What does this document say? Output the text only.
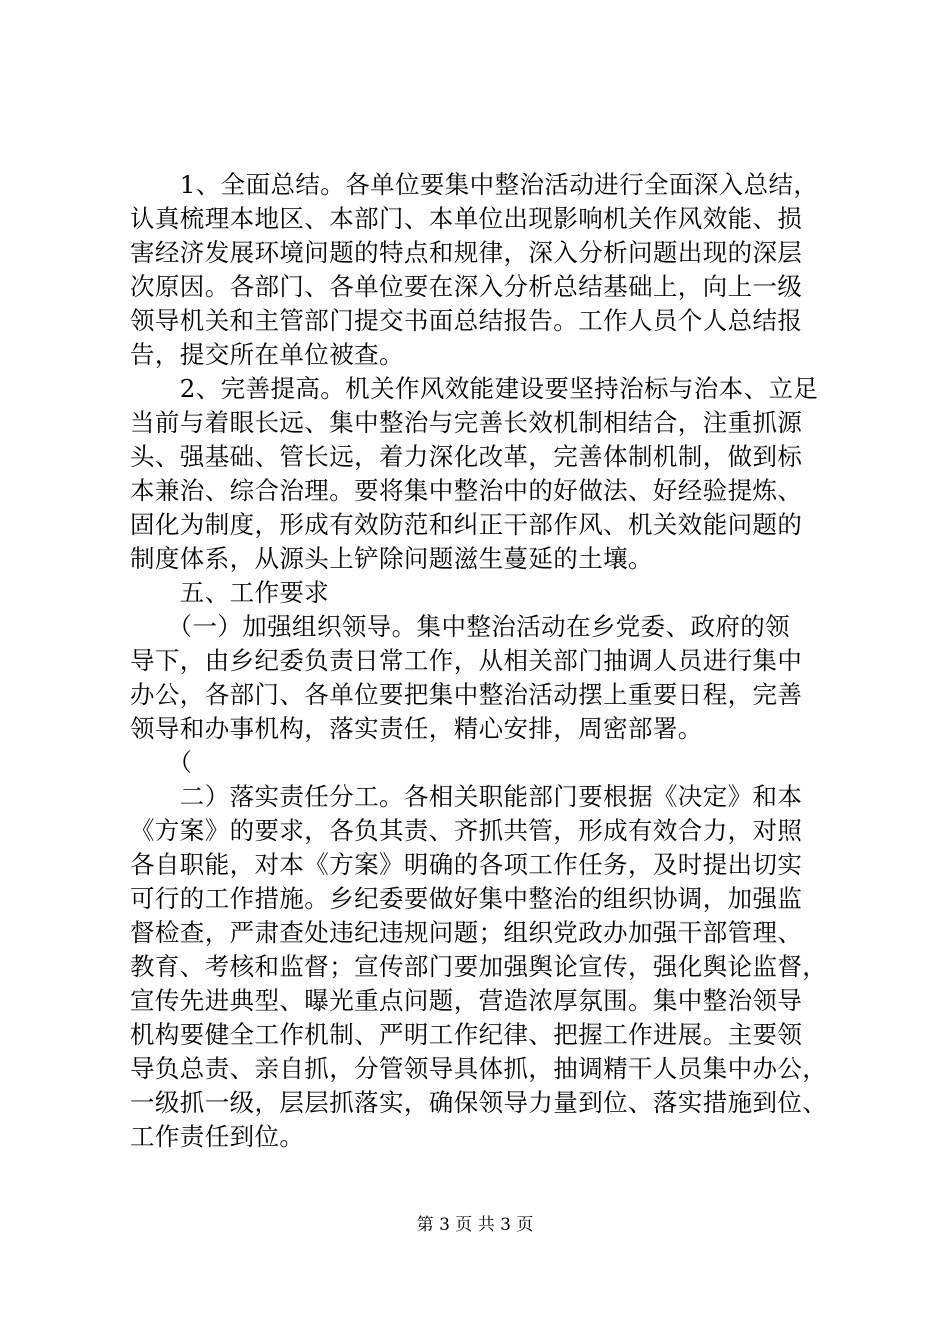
　　1、全面总结。各单位要集中整治活动进行全面深入总结，
认真梳理本地区、本部门、本单位出现影响机关作风效能、损
害经济发展环境问题的特点和规律，深入分析问题出现的深层
次原因。各部门、各单位要在深入分析总结基础上，向上一级
领导机关和主管部门提交书面总结报告。工作人员个人总结报
告，提交所在单位被查。
　　2、完善提高。机关作风效能建设要坚持治标与治本、立足
当前与着眼长远、集中整治与完善长效机制相结合，注重抓源
头、强基础、管长远，着力深化改革，完善体制机制，做到标
本兼治、综合治理。要将集中整治中的好做法、好经验提炼、
固化为制度，形成有效防范和纠正干部作风、机关效能问题的
制度体系，从源头上铲除问题滋生蔓延的土壤。
　　五、工作要求
　　（一）加强组织领导。集中整治活动在乡党委、政府的领
导下，由乡纪委负责日常工作，从相关部门抽调人员进行集中
办公，各部门、各单位要把集中整治活动摆上重要日程，完善
领导和办事机构，落实责任，精心安排，周密部署。
　　（
　　二）落实责任分工。各相关职能部门要根据《决定》和本
《方案》的要求，各负其责、齐抓共管，形成有效合力，对照
各自职能，对本《方案》明确的各项工作任务，及时提出切实
可行的工作措施。乡纪委要做好集中整治的组织协调，加强监
督检查，严肃查处违纪违规问题；组织党政办加强干部管理、
教育、考核和监督；宣传部门要加强舆论宣传，强化舆论监督，
宣传先进典型、曝光重点问题，营造浓厚氛围。集中整治领导
机构要健全工作机制、严明工作纪律、把握工作进展。主要领
导负总责、亲自抓，分管领导具体抓，抽调精干人员集中办公，
一级抓一级，层层抓落实，确保领导力量到位、落实措施到位、
工作责任到位。
第 3 页 共 3 页
